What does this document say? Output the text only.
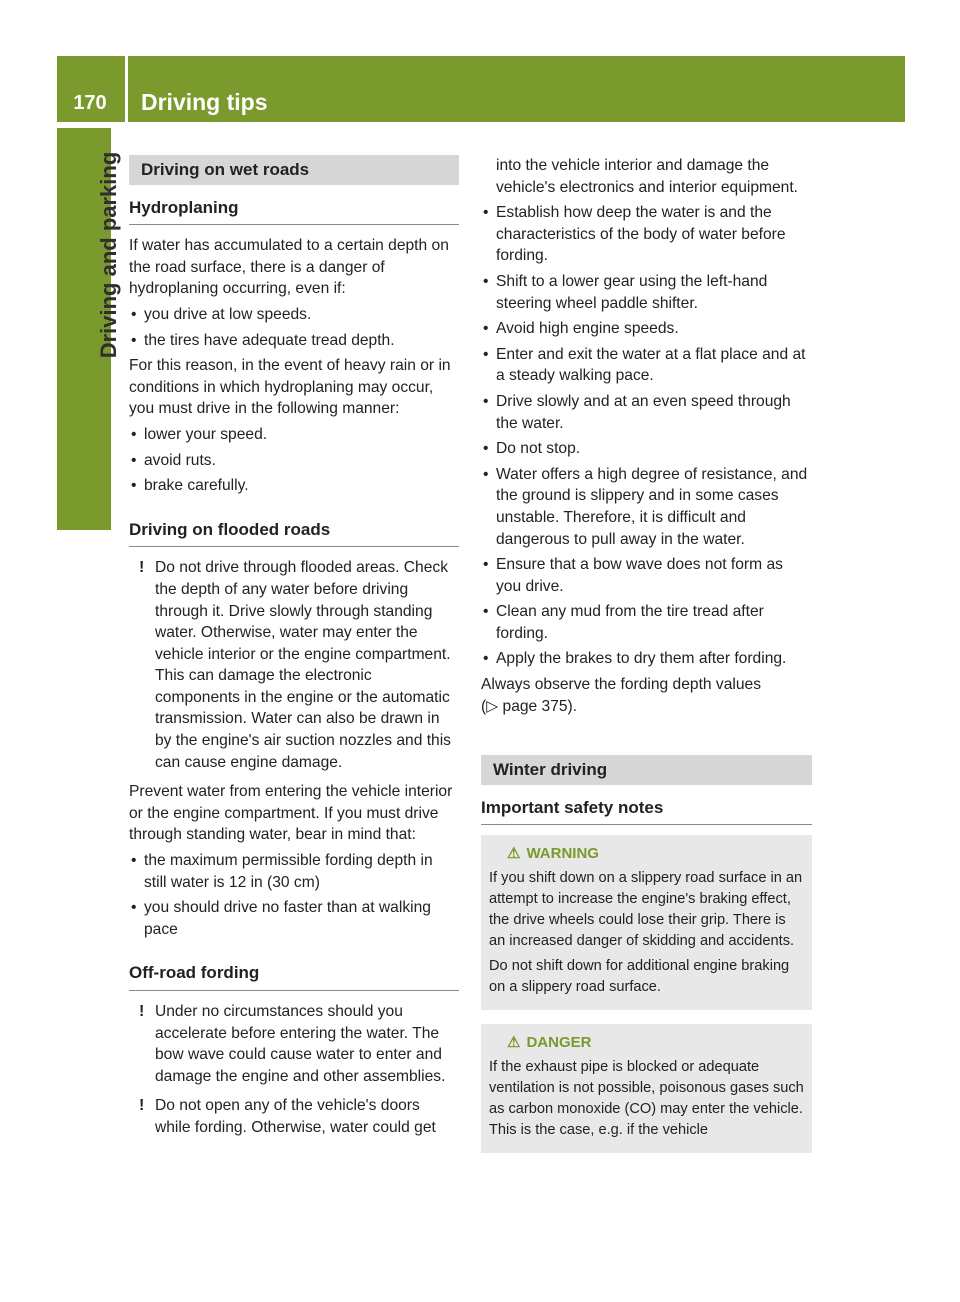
170	Driving tips
Driving and parking	Driving on wet roads
Hydroplaning

If water has accumulated to a certain depth on the road surface, there is a danger of hydroplaning occurring, even if:

• you drive at low speeds.
• the tires have adequate tread depth.

For this reason, in the event of heavy rain or in conditions in which hydroplaning may occur, you must drive in the following manner:

• lower your speed.
• avoid ruts.
• brake carefully.
Driving on flooded roads
! Do not drive through flooded areas. Check the depth of any water before driving through it. Drive slowly through standing water. Otherwise, water may enter the vehicle interior or the engine compartment. This can damage the electronic components in the engine or the automatic transmission. Water can also be drawn in by the engine's air suction nozzles and this can cause engine damage.

Prevent water from entering the vehicle interior or the engine compartment. If you must drive through standing water, bear in mind that:

• the maximum permissible fording depth in still water is 12 in (30 cm)
• you should drive no faster than at walking pace
Off-road fording
! Under no circumstances should you accelerate before entering the water. The bow wave could cause water to enter and damage the engine and other assemblies.
! Do not open any of the vehicle's doors while fording. Otherwise, water could get
into the vehicle interior and damage the vehicle's electronics and interior equipment.
• Establish how deep the water is and the characteristics of the body of water before fording.
• Shift to a lower gear using the left-hand steering wheel paddle shifter.
• Avoid high engine speeds.
• Enter and exit the water at a flat place and at a steady walking pace.
• Drive slowly and at an even speed through the water.
• Do not stop.
• Water offers a high degree of resistance, and the ground is slippery and in some cases unstable. Therefore, it is difficult and dangerous to pull away in the water.
• Ensure that a bow wave does not form as you drive.
• Clean any mud from the tire tread after fording.
• Apply the brakes to dry them after fording.

Always observe the fording depth values
(▷ page 375).

Winter driving
Important safety notes
⚠ WARNING

If you shift down on a slippery road surface in an attempt to increase the engine's braking effect, the drive wheels could lose their grip. There is an increased danger of skidding and accidents.

Do not shift down for additional engine braking on a slippery road surface.

⚠ DANGER

If the exhaust pipe is blocked or adequate ventilation is not possible, poisonous gases such as carbon monoxide (CO) may enter the vehicle. This is the case, e.g. if the vehicle
